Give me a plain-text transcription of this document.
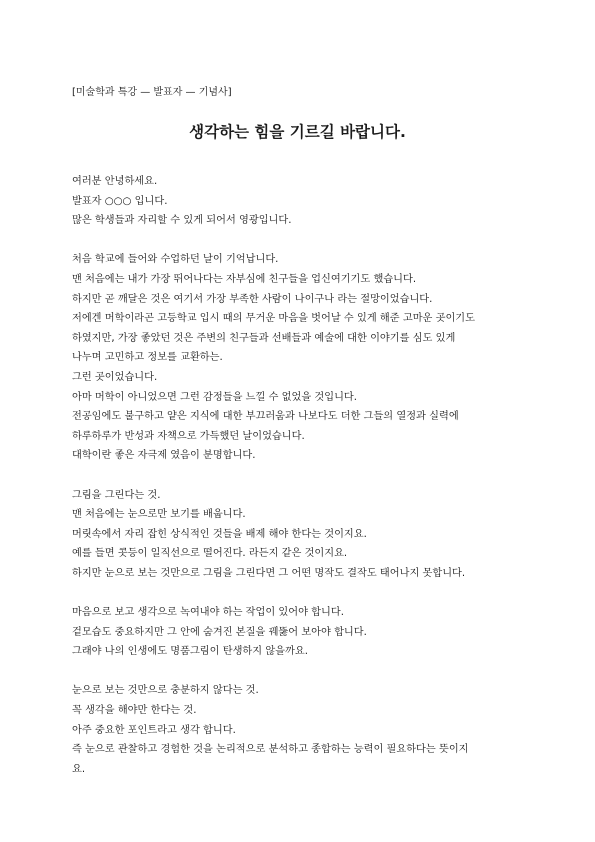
[미술학과 특강 — 발표자 — 기념사]
생각하는 힘을 기르길 바랍니다.
여러분 안녕하세요.
발표자 ○○○ 입니다.
많은 학생들과 자리할 수 있게 되어서 영광입니다.
처음 학교에 들어와 수업하던 날이 기억납니다.
맨 처음에는 내가 가장 뛰어나다는 자부심에 친구들을 업신여기기도 했습니다.
하지만 곧 깨달은 것은 여기서 가장 부족한 사람이 나이구나 라는 절망이었습니다.
저에겐 머학이라곤 고등학교 입시 때의 무거운 마음을 벗어날 수 있게 해준 고마운 곳이기도
하였지만, 가장 좋았던 것은 주변의 친구들과 선배들과 예술에 대한 이야기를 심도 있게
나누며 고민하고 정보를 교환하는.
그런 곳이었습니다.
아마 머학이 아니었으면 그런 감정들을 느낄 수 없었을 것입니다.
전공임에도 불구하고 얕은 지식에 대한 부끄러움과 나보다도 더한 그들의 열정과 실력에
하루하루가 반성과 자책으로 가득했던 날이었습니다.
대학이란 좋은 자극제 였음이 분명합니다.
그림을 그린다는 것.
맨 처음에는 눈으로만 보기를 배웁니다.
머릿속에서 자리 잡힌 상식적인 것들을 배제 해야 한다는 것이지요.
예를 들면 콧등이 일직선으로 떨어진다. 라든지 같은 것이지요.
하지만 눈으로 보는 것만으로 그림을 그린다면 그 어떤 명작도 결작도 태어나지 못합니다.
마음으로 보고 생각으로 녹여내야 하는 작업이 있어야 합니다.
겉모습도 중요하지만 그 안에 숨겨진 본질을 꿰뚫어 보아야 합니다.
그래야 나의 인생에도 명품그림이 탄생하지 않을까요.
눈으로 보는 것만으로 충분하지 않다는 것.
꼭 생각을 해야만 한다는 것.
아주 중요한 포인트라고 생각 합니다.
즉 눈으로 관찰하고 경험한 것을 논리적으로 분석하고 종합하는 능력이 필요하다는 뜻이지
요.
